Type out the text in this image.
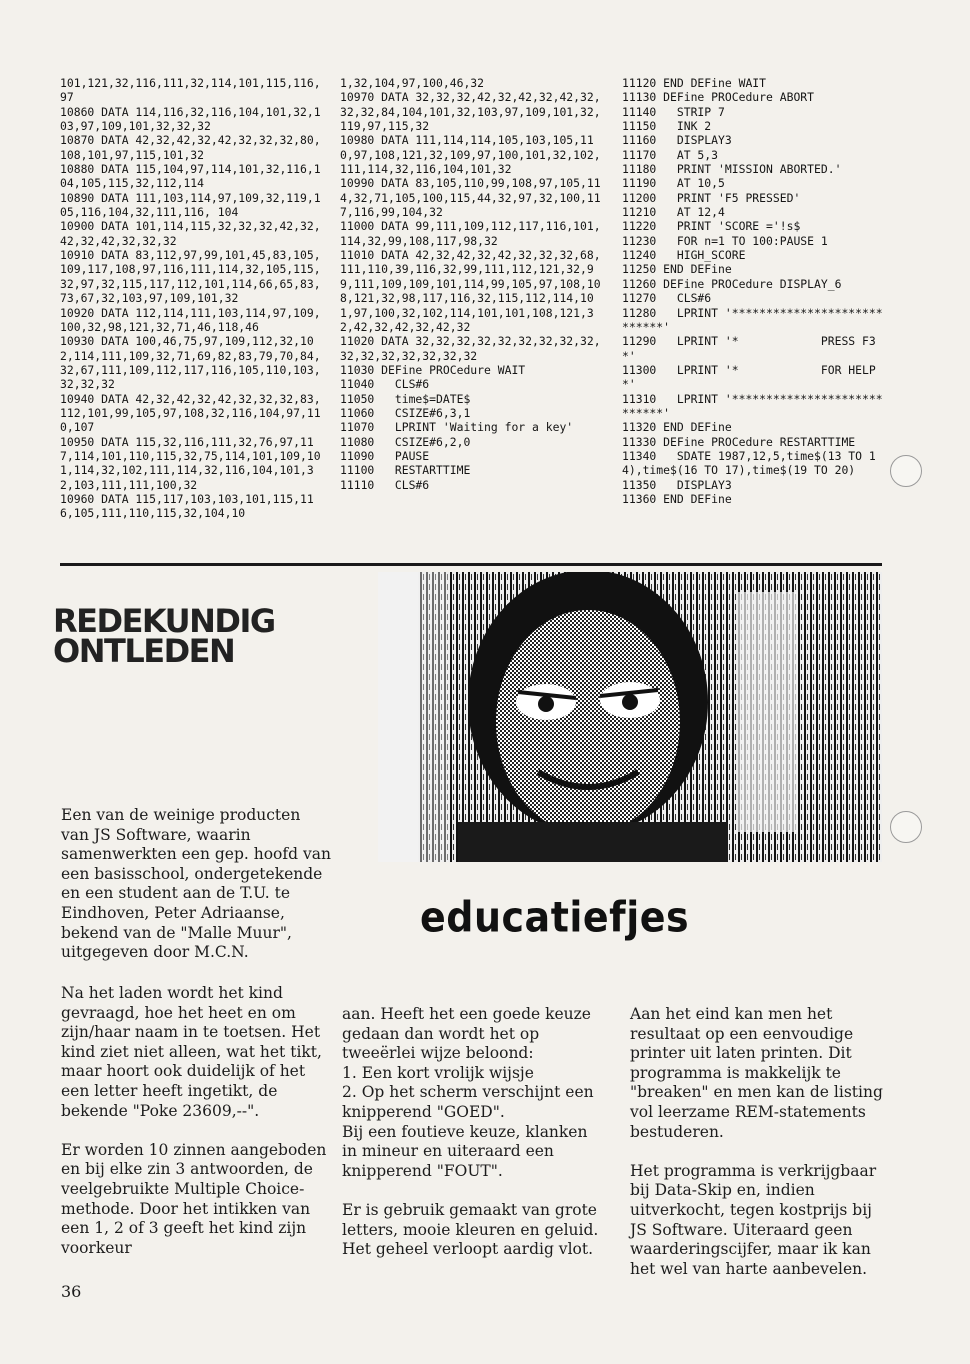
101,121,32,116,111,32,114,101,115,116,97
10860 DATA 114,116,32,116,104,101,32,103,97,109,101,32,32,32
10870 DATA 42,32,42,32,42,32,32,32,80,108,101,97,115,101,32
10880 DATA 115,104,97,114,101,32,116,104,105,115,32,112,114
10890 DATA 111,103,114,97,109,32,119,105,116,104,32,111,116, 104
10900 DATA 101,114,115,32,32,32,42,32,42,32,42,32,32,32
10910 DATA 83,112,97,99,101,45,83,105,109,117,108,97,116,111,114,32,105,115,32,97,32,115,117,112,101,114,66,65,83,73,67,32,103,97,109,101,32
10920 DATA 112,114,111,103,114,97,109,100,32,98,121,32,71,46,118,46
10930 DATA 100,46,75,97,109,112,32,102,114,111,109,32,71,69,82,83,79,70,84,32,67,111,109,112,117,116,105,110,103,32,32,32
10940 DATA 42,32,42,32,42,32,32,32,83,112,101,99,105,97,108,32,116,104,97,110,107
10950 DATA 115,32,116,111,32,76,97,117,114,101,110,115,32,75,114,101,109,101,114,32,102,111,114,32,116,104,101,32,103,111,111,100,32
10960 DATA 115,117,103,103,101,115,116,105,111,110,115,32,104,10
1,32,104,97,100,46,32
10970 DATA 32,32,32,42,32,42,32,42,32,32,32,84,104,101,32,103,97,109,101,32,119,97,115,32
10980 DATA 111,114,114,105,103,105,110,97,108,121,32,109,97,100,101,32,102,111,114,32,116,104,101,32
10990 DATA 83,105,110,99,108,97,105,114,32,71,105,100,115,44,32,97,32,100,117,116,99,104,32
11000 DATA 99,111,109,112,117,116,101,114,32,99,108,117,98,32
11010 DATA 42,32,42,32,42,32,32,32,68,111,110,39,116,32,99,111,112,121,32,99,111,109,109,101,114,99,105,97,108,108,121,32,98,117,116,32,115,112,114,101,97,100,32,102,114,101,101,108,121,32,42,32,42,32,42,32
11020 DATA 32,32,32,32,32,32,32,32,32,32,32,32,32,32,32,32
11030 DEFine PROCedure WAIT
11040   CLS#6
11050   time$=DATE$
11060   CSIZE#6,3,1
11070   LPRINT 'Waiting for a key'
11080   CSIZE#6,2,0
11090   PAUSE
11100   RESTARTTIME
11110   CLS#6
11120 END DEFine WAIT
11130 DEFine PROCedure ABORT
11140   STRIP 7
11150   INK 2
11160   DISPLAY3
11170   AT 5,3
11180   PRINT 'MISSION ABORTED.'
11190   AT 10,5
11200   PRINT 'F5 PRESSED'
11210   AT 12,4
11220   PRINT 'SCORE ='!s$
11230   FOR n=1 TO 100:PAUSE 1
11240   HIGH_SCORE
11250 END DEFine
11260 DEFine PROCedure DISPLAY_6
11270   CLS#6
11280   LPRINT '****************************'
11290   LPRINT '*            PRESS F3      *'
11300   LPRINT '*            FOR HELP      *'
11310   LPRINT '****************************'
11320 END DEFine
11330 DEFine PROCedure RESTARTTIME
11340   SDATE 1987,12,5,time$(13 TO 14),time$(16 TO 17),time$(19 TO 20)
11350   DISPLAY3
11360 END DEFine
REDEKUNDIG
ONTLEDEN
educatiefjes

Een van de weinige producten van JS Software, waarin samenwerkten een gep. hoofd van een basisschool, ondergetekende en een student aan de T.U. te Eindhoven, Peter Adriaanse, bekend van de "Malle Muur", uitgegeven door M.C.N.

Na het laden wordt het kind gevraagd, hoe het heet en om zijn/haar naam in te toetsen. Het kind ziet niet alleen, wat het tikt, maar hoort ook duidelijk of het een letter heeft ingetikt, de bekende "Poke 23609,--".

Er worden 10 zinnen aangeboden en bij elke zin 3 antwoorden, de veelgebruikte Multiple Choice-methode. Door het intikken van een 1, 2 of 3 geeft het kind zijn voorkeur

aan. Heeft het een goede keuze gedaan dan wordt het op tweeërlei wijze beloond:
1. Een kort vrolijk wijsje
2. Op het scherm verschijnt een knipperend "GOED".
Bij een foutieve keuze, klanken in mineur en uiteraard een knipperend "FOUT".

Er is gebruik gemaakt van grote letters, mooie kleuren en geluid. Het geheel verloopt aardig vlot.

Aan het eind kan men het resultaat op een eenvoudige printer uit laten printen. Dit programma is makkelijk te "breaken" en men kan de listing vol leerzame REM-statements bestuderen.

Het programma is verkrijgbaar bij Data-Skip en, indien uitverkocht, tegen kostprijs bij JS Software. Uiteraard geen waarderingscijfer, maar ik kan het wel van harte aanbevelen.

36
